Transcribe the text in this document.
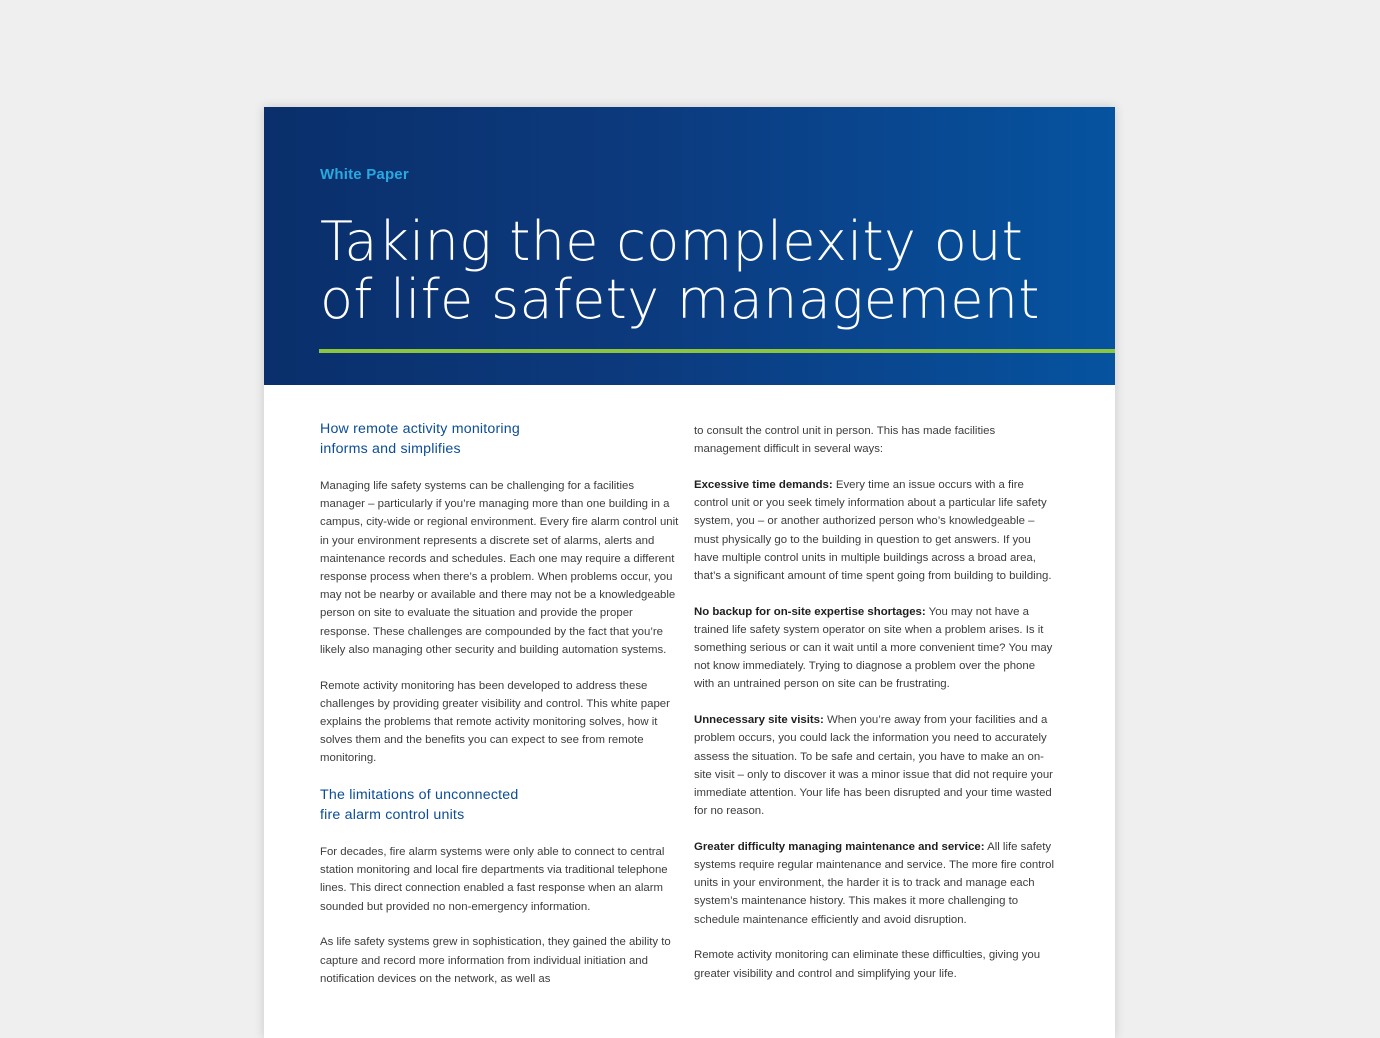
White Paper
Taking the complexity out
of life safety management
How remote activity monitoring
informs and simplifies

Managing life safety systems can be challenging for a facilities manager – particularly if you’re managing more than one building in a campus, city-wide or regional environment. Every fire alarm control unit in your environment represents a discrete set of alarms, alerts and maintenance records and schedules. Each one may require a different response process when there’s a problem. When problems occur, you may not be nearby or available and there may not be a knowledgeable person on site to evaluate the situation and provide the proper response. These challenges are compounded by the fact that you’re likely also managing other security and building automation systems.

Remote activity monitoring has been developed to address these challenges by providing greater visibility and control. This white paper explains the problems that remote activity monitoring solves, how it solves them and the benefits you can expect to see from remote monitoring.

The limitations of unconnected
fire alarm control units

For decades, fire alarm systems were only able to connect to central station monitoring and local fire departments via traditional telephone lines. This direct connection enabled a fast response when an alarm sounded but provided no non-emergency information.

As life safety systems grew in sophistication, they gained the ability to capture and record more information from individual initiation and notification devices on the network, as well as

to consult the control unit in person. This has made facilities management difficult in several ways:

Excessive time demands: Every time an issue occurs with a fire control unit or you seek timely information about a particular life safety system, you – or another authorized person who’s knowledgeable – must physically go to the building in question to get answers. If you have multiple control units in multiple buildings across a broad area, that’s a significant amount of time spent going from building to building.

No backup for on-site expertise shortages: You may not have a trained life safety system operator on site when a problem arises. Is it something serious or can it wait until a more convenient time? You may not know immediately. Trying to diagnose a problem over the phone with an untrained person on site can be frustrating.

Unnecessary site visits: When you’re away from your facilities and a problem occurs, you could lack the information you need to accurately assess the situation. To be safe and certain, you have to make an on-site visit – only to discover it was a minor issue that did not require your immediate attention. Your life has been disrupted and your time wasted for no reason.

Greater difficulty managing maintenance and service: All life safety systems require regular maintenance and service. The more fire control units in your environment, the harder it is to track and manage each system’s maintenance history. This makes it more challenging to schedule maintenance efficiently and avoid disruption.

Remote activity monitoring can eliminate these difficulties, giving you greater visibility and control and simplifying your life.
